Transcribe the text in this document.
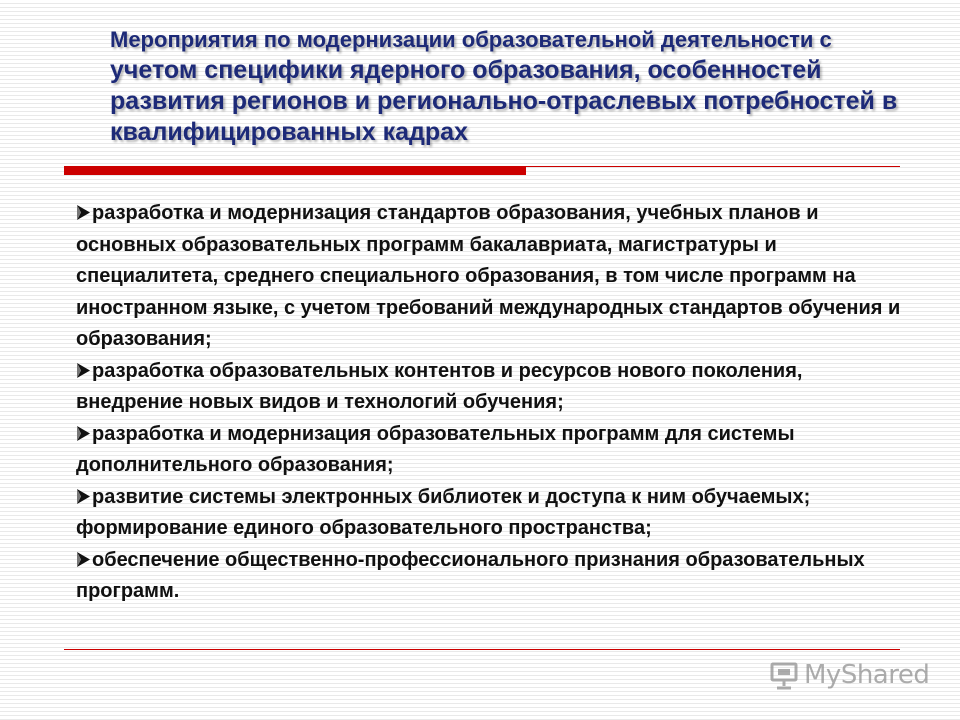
Мероприятия по модернизации образовательной деятельности с учетом специфики ядерного образования, особенностей развития регионов и регионально-отраслевых потребностей в квалифицированных кадрах
разработка и модернизация стандартов образования, учебных планов и основных образовательных программ бакалавриата, магистратуры и специалитета, среднего специального образования, в том числе программ на иностранном языке, с учетом требований международных стандартов обучения и образования;
разработка образовательных контентов и ресурсов нового поколения, внедрение новых видов и технологий обучения;
разработка и модернизация образовательных программ для системы дополнительного образования;
развитие системы электронных библиотек и доступа к ним обучаемых; формирование единого образовательного пространства;
обеспечение общественно-профессионального признания образовательных программ.
MyShared
